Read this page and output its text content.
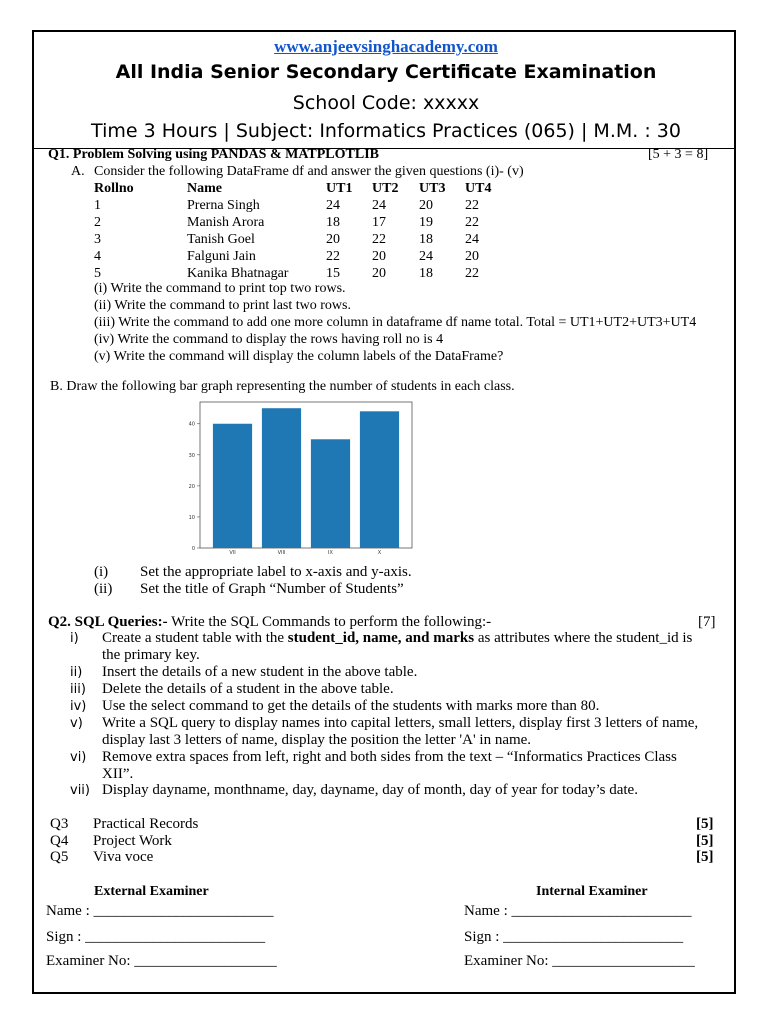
www.anjeevsinghacademy.com
All India Senior Secondary Certificate Examination
School Code: xxxxx
Time 3 Hours | Subject: Informatics Practices (065) | M.M. : 30
Q1. Problem Solving using PANDAS & MATPLOTLIB	[5 + 3 = 8]
A. Consider the following DataFrame df and answer the given questions (i)- (v)
Rollno	Name	UT1	UT2	UT3	UT4
1	Prerna Singh	24	24	20	22
2	Manish Arora	18	17	19	22
3	Tanish Goel	20	22	18	24
4	Falguni Jain	22	20	24	20
5	Kanika Bhatnagar	15	20	18	22
(i) Write the command to print top two rows.
(ii) Write the command to print last two rows.
(iii) Write the command to add one more column in dataframe df name total. Total = UT1+UT2+UT3+UT4
(iv) Write the command to display the rows having roll no is 4
(v) Write the command will display the column labels of the DataFrame?
B. Draw the following bar graph representing the number of students in each class.
0
10
20
30
40
VII	VIII	IX	X
(i) Set the appropriate label to x-axis and y-axis.
(ii) Set the title of Graph “Number of Students”
Q2. SQL Queries:- Write the SQL Commands to perform the following:-	[7]
i) Create a student table with the student_id, name, and marks as attributes where the student_id is
the primary key.
ii) Insert the details of a new student in the above table.
iii) Delete the details of a student in the above table.
iv) Use the select command to get the details of the students with marks more than 80.
v) Write a SQL query to display names into capital letters, small letters, display first 3 letters of name,
display last 3 letters of name, display the position the letter 'A' in name.
vi) Remove extra spaces from left, right and both sides from the text – “Informatics Practices Class
XII”.
vii) Display dayname, monthname, day, dayname, day of month, day of year for today’s date.
Q3 Practical Records	[5]
Q4 Project Work	[5]
Q5 Viva voce	[5]
External Examiner	Internal Examiner
Name : ________________________	Name : ________________________
Sign : ________________________	Sign : ________________________
Examiner No: ___________________	Examiner No: ___________________
